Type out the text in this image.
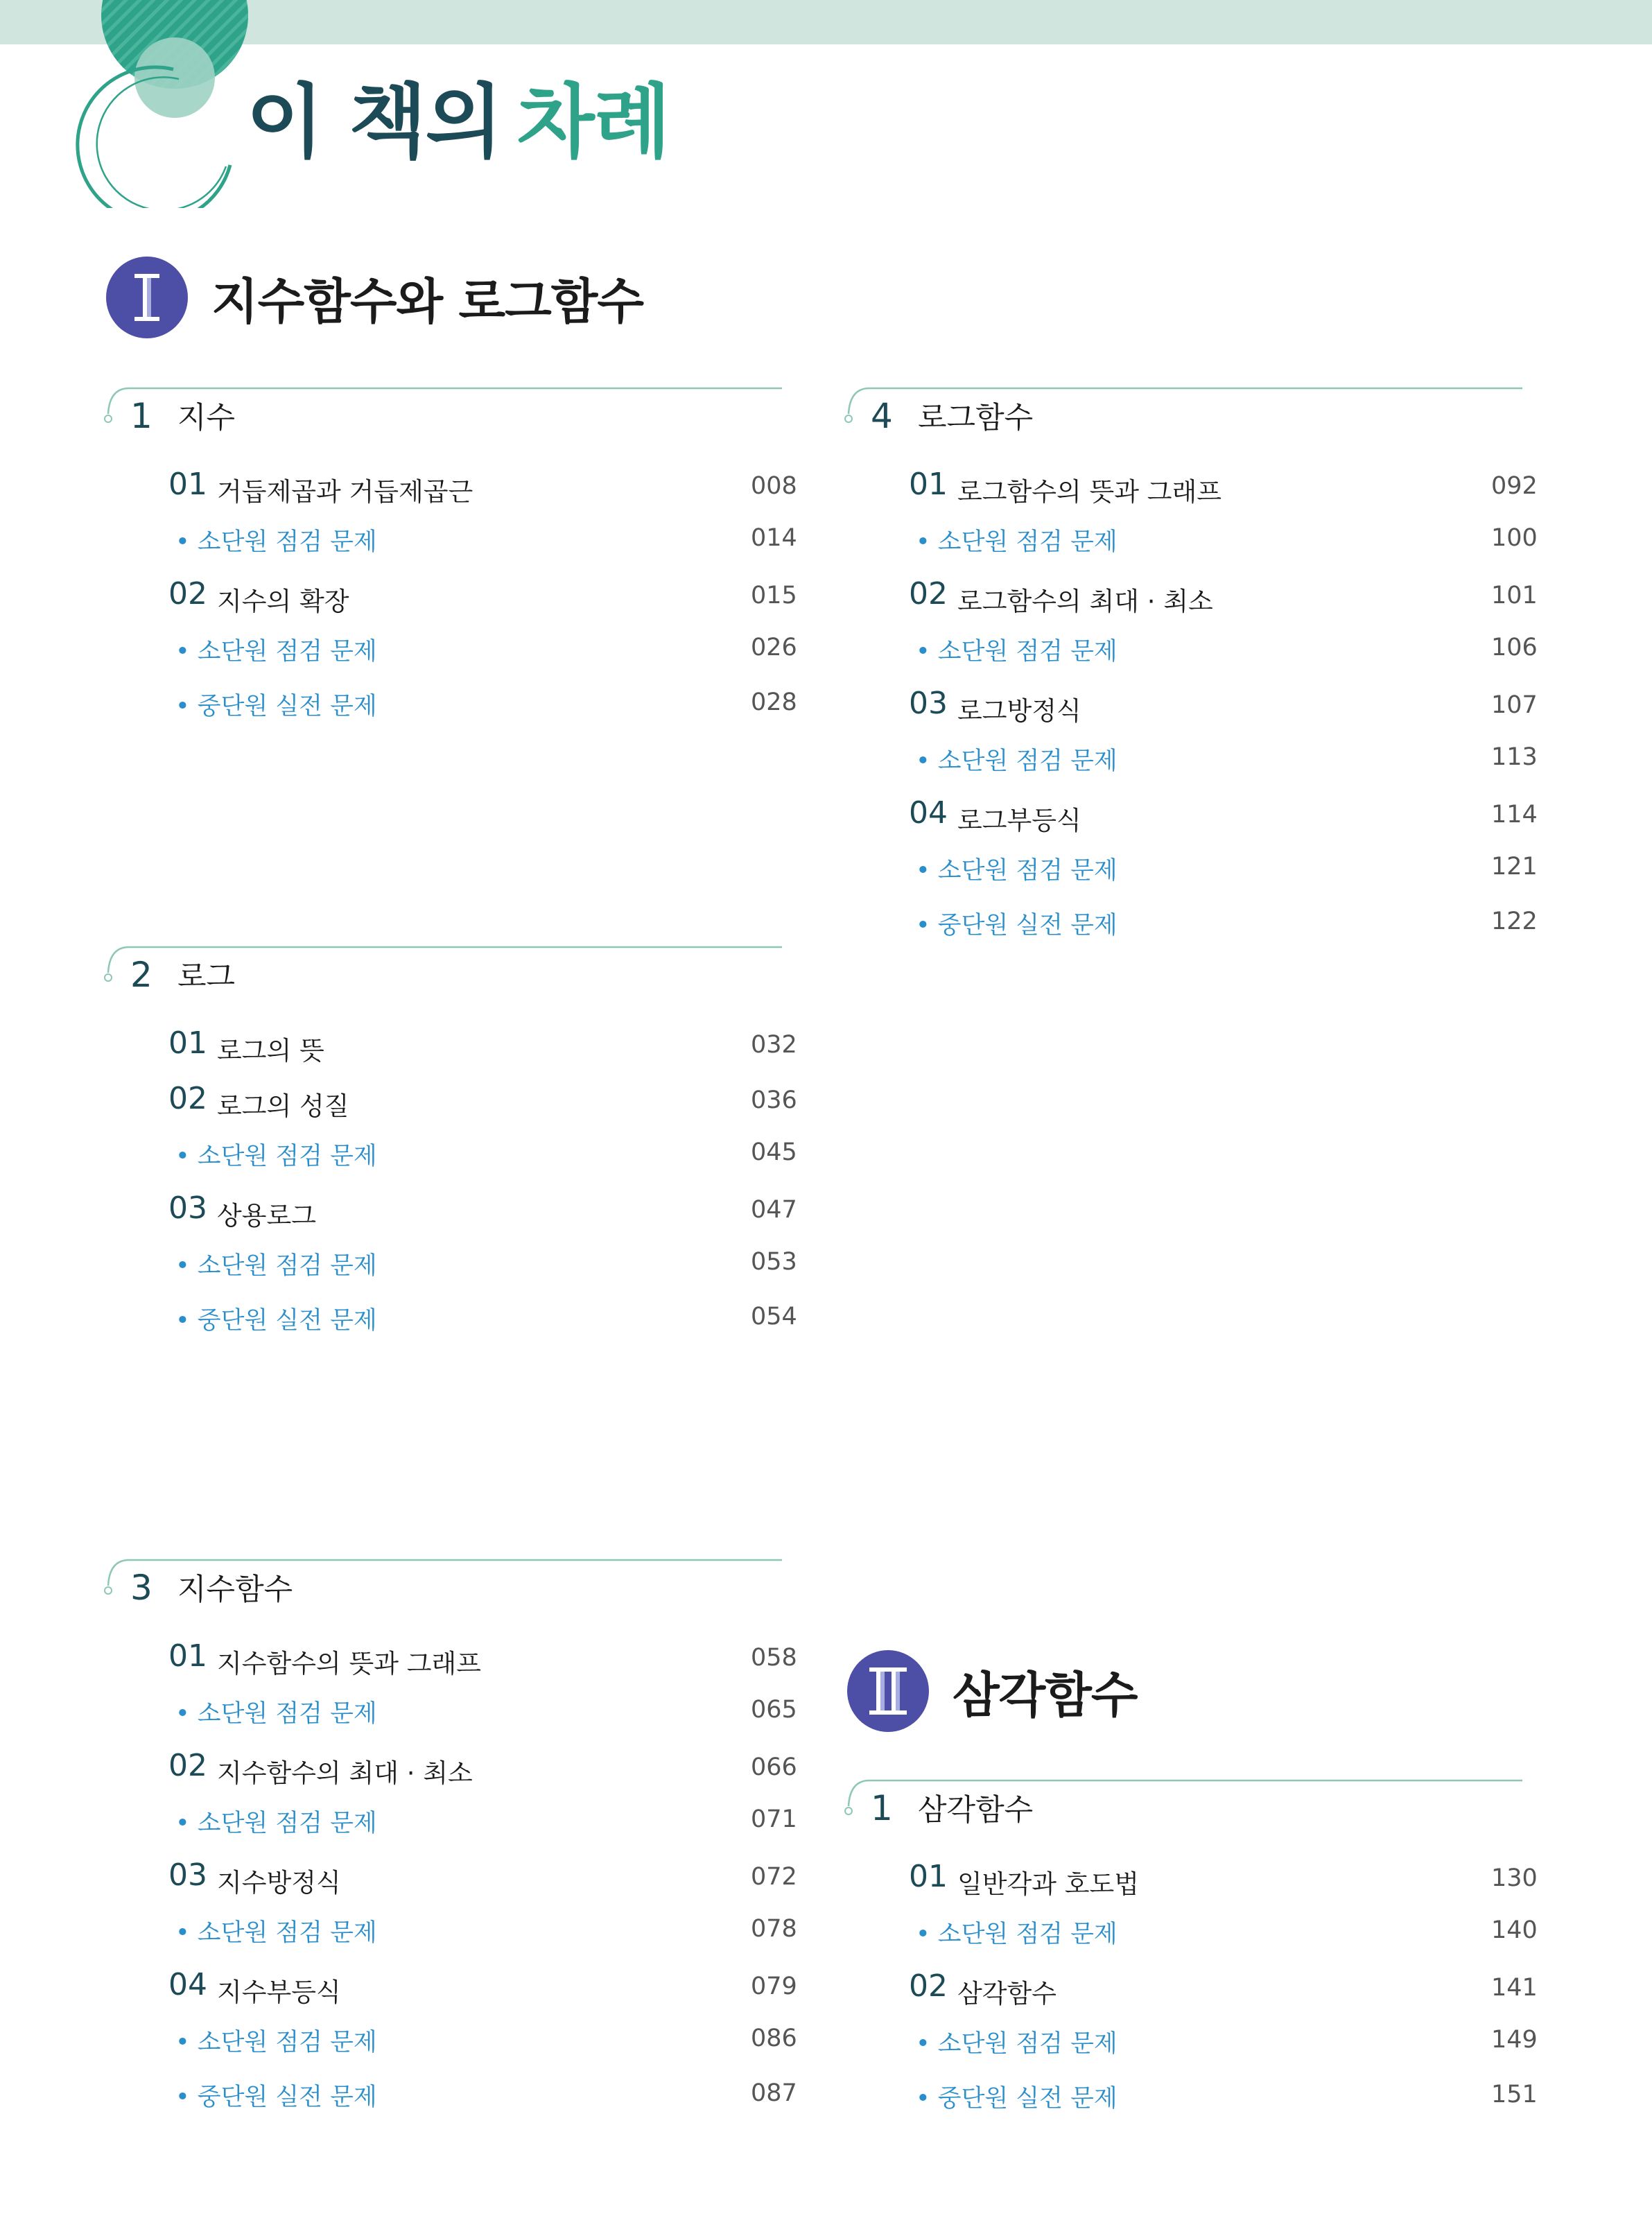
이 책의 차례
지수함수와 로그함수
삼각함수
1 지수
01 거듭제곱과 거듭제곱근	008
• 소단원 점검 문제	014
02 지수의 확장	015
• 소단원 점검 문제	026
• 중단원 실전 문제	028
2 로그
01 로그의 뜻	032
02 로그의 성질	036
• 소단원 점검 문제	045
03 상용로그	047
• 소단원 점검 문제	053
• 중단원 실전 문제	054
3 지수함수
01 지수함수의 뜻과 그래프	058
• 소단원 점검 문제	065
02 지수함수의 최대 · 최소	066
• 소단원 점검 문제	071
03 지수방정식	072
• 소단원 점검 문제	078
04 지수부등식	079
• 소단원 점검 문제	086
• 중단원 실전 문제	087
4 로그함수
01 로그함수의 뜻과 그래프	092
• 소단원 점검 문제	100
02 로그함수의 최대 · 최소	101
• 소단원 점검 문제	106
03 로그방정식	107
• 소단원 점검 문제	113
04 로그부등식	114
• 소단원 점검 문제	121
• 중단원 실전 문제	122
1 삼각함수
01 일반각과 호도법	130
• 소단원 점검 문제	140
02 삼각함수	141
• 소단원 점검 문제	149
• 중단원 실전 문제	151
